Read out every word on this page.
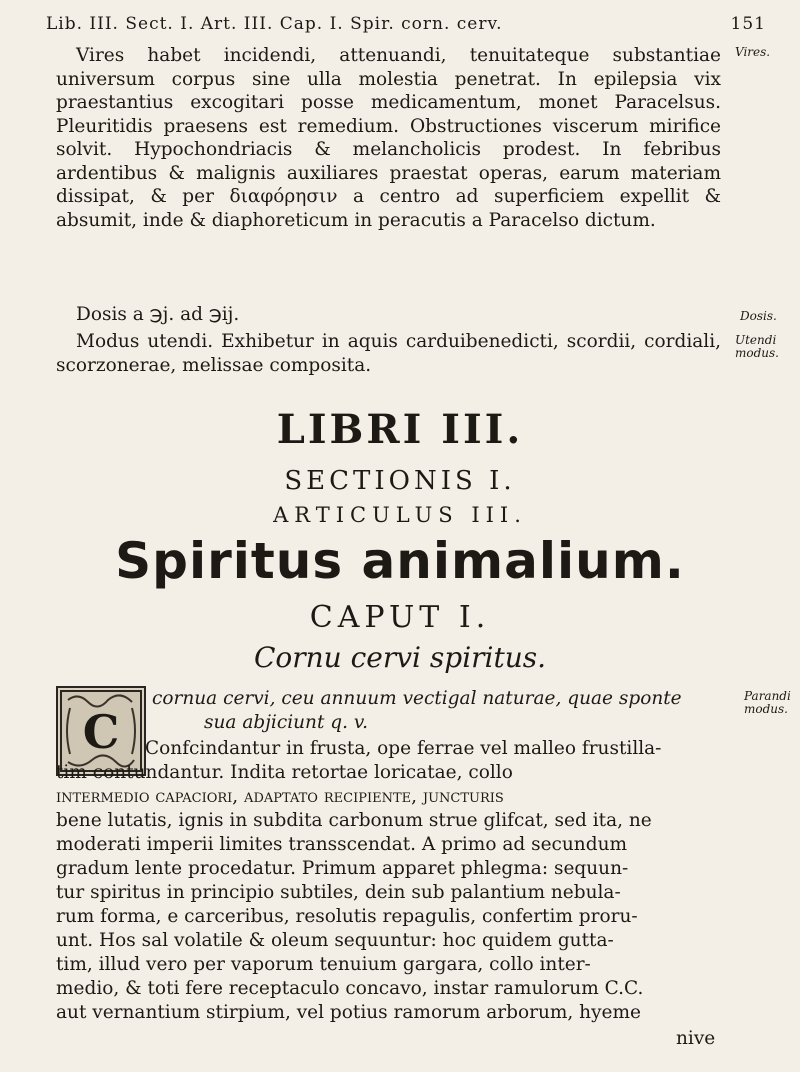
Lib. III. Sect. I. Art. III. Cap. I. Spir. corn. cerv.	151
Vires habet incidendi, attenuandi, tenuitateque substantiae universum corpus sine ulla molestia penetrat. In epilepsia vix praestantius excogitari posse medicamentum, monet Paracelsus. Pleuritidis praesens est remedium. Obstructiones viscerum mirifice solvit. Hypochondriacis & melancholicis prodest. In febribus ardentibus & malignis auxiliares praestat operas, earum materiam dissipat, & per διαφόρησιν a centro ad superficiem expellit & absumit, inde & diaphoreticum in peracutis a Paracelso dictum.
Vires.
Dosis a ℈j. ad ℈ij.	Dosis.
Modus utendi. Exhibetur in aquis carduibenedicti, scordii, cordiali, scorzonerae, melissae composita.
Utendi modus.
LIBRI III.
SECTIONIS I.
ARTICULUS III.
Spiritus animalium.
CAPUT I.
Cornu cervi spiritus.
C
Parandi modus.
cornua cervi, ceu annuum vectigal naturae, quae sponte
sua abjiciunt q. v.
Confcindantur in frusta, ope ferrae vel malleo frustilla-
tim contundantur. Indita retortae loricatae, collo
intermedio capaciori, adaptato recipiente, juncturis
bene lutatis, ignis in subdita carbonum strue glifcat, sed ita, ne
moderati imperii limites transscendat. A primo ad secundum
gradum lente procedatur. Primum apparet phlegma: sequun-
tur spiritus in principio subtiles, dein sub palantium nebula-
rum forma, e carceribus, resolutis repagulis, confertim proru-
unt. Hos sal volatile & oleum sequuntur: hoc quidem gutta-
tim, illud vero per vaporum tenuium gargara, collo inter-
medio, & toti fere receptaculo concavo, instar ramulorum C.C.
aut vernantium stirpium, vel potius ramorum arborum, hyeme
nive
